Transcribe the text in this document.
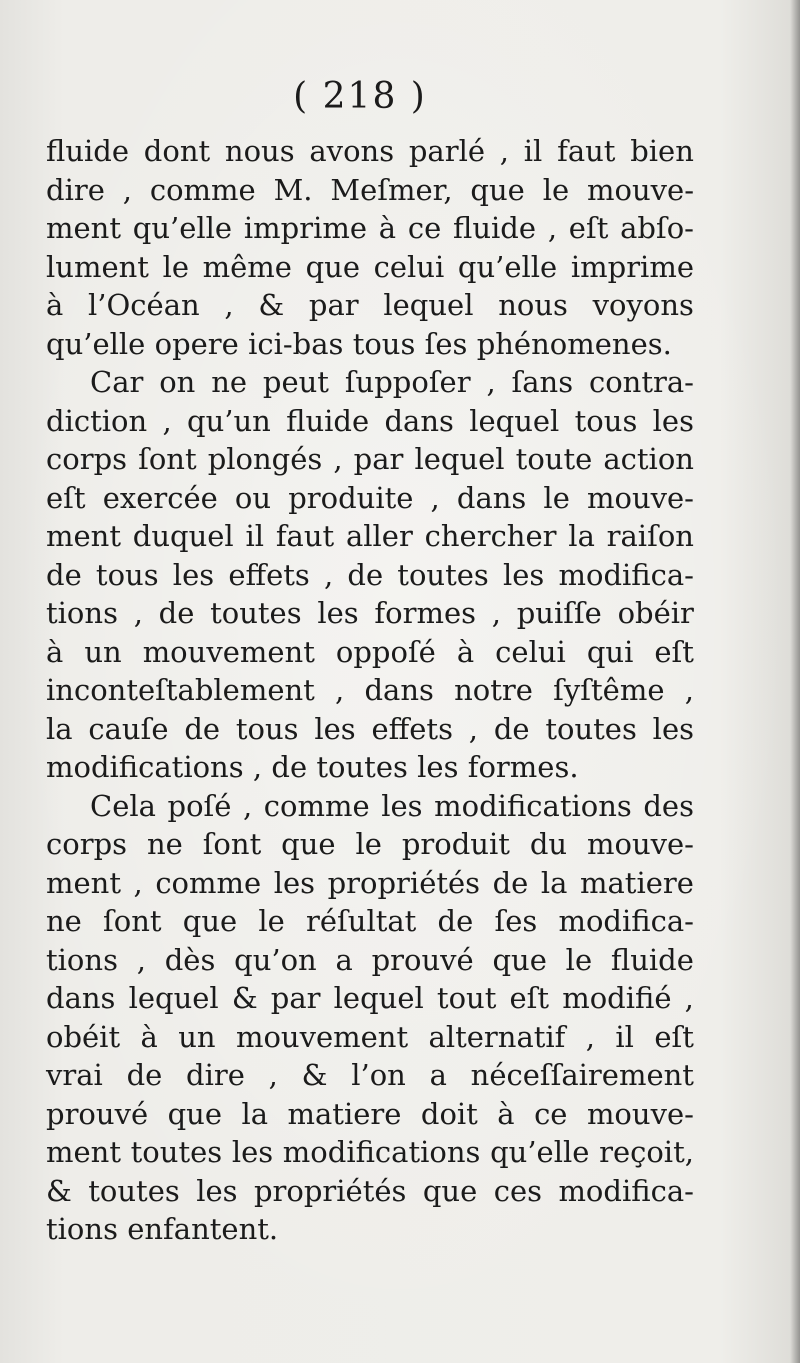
( 218 )
ﬂuide dont nous avons parlé , il faut bien
dire , comme M. Meſmer, que le mouve-
ment qu’elle imprime à ce fluide , eſt abſo-
lument le même que celui qu’elle imprime
à l’Océan , & par lequel nous voyons
qu’elle opere ici-bas tous ſes phénomenes.
Car on ne peut ſuppoſer , ſans contra-
diction , qu’un fluide dans lequel tous les
corps ſont plongés , par lequel toute action
eſt exercée ou produite , dans le mouve-
ment duquel il faut aller chercher la raiſon
de tous les effets , de toutes les modifica-
tions , de toutes les formes , puiſſe obéir
à un mouvement oppoſé à celui qui eſt
inconteſtablement , dans notre ſyſtême ,
la cauſe de tous les effets , de toutes les
modifications , de toutes les formes.
Cela poſé , comme les modifications des
corps ne ſont que le produit du mouve-
ment , comme les propriétés de la matiere
ne ſont que le réſultat de ſes modifica-
tions , dès qu’on a prouvé que le fluide
dans lequel & par lequel tout eſt modifié ,
obéit à un mouvement alternatif , il eſt
vrai de dire , & l’on a néceſſairement
prouvé que la matiere doit à ce mouve-
ment toutes les modifications qu’elle reçoit,
& toutes les propriétés que ces modifica-
tions enfantent.
